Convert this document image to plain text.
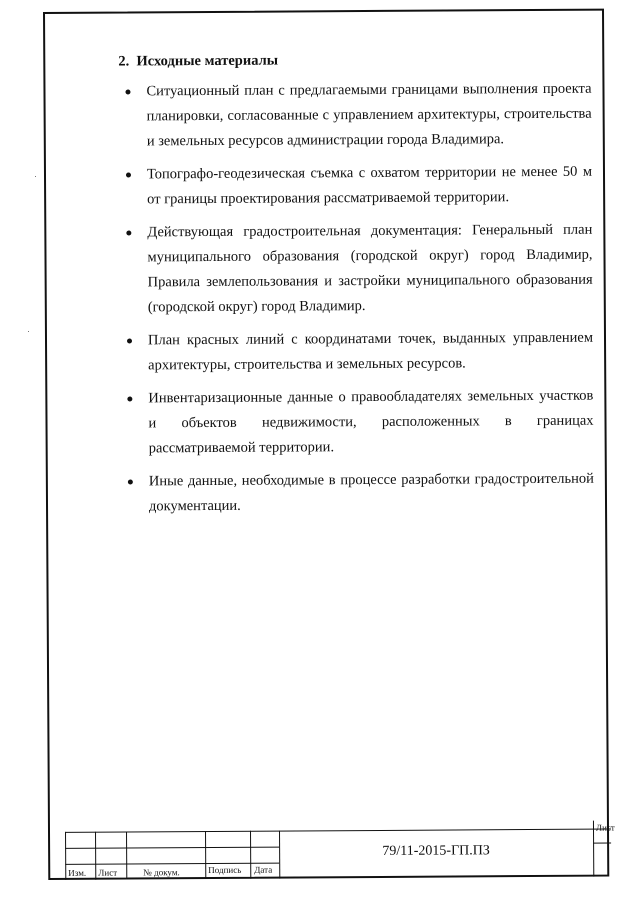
2. Исходные материалы
Ситуационный план с предлагаемыми границами выполнения проекта планировки, согласованные с управлением архитектуры, строительства и земельных ресурсов администрации города Владимира.
Топографо-геодезическая съемка с охватом территории не менее 50 м от границы проектирования рассматриваемой территории.
Действующая градостроительная документация: Генеральный план муниципального образования (городской округ) город Владимир, Правила землепользования и застройки муниципального образования (городской округ) город Владимир.
План красных линий с координатами точек, выданных управлением архитектуры, строительства и земельных ресурсов.
Инвентаризационные данные о правообладателях земельных участков и объектов недвижимости, расположенных в границах рассматриваемой территории.
Иные данные, необходимые в процессе разработки градостроительной документации.
Изм. Лист	№ докум.	Подпись Дата
Лист
79/11-2015-ГП.ПЗ
